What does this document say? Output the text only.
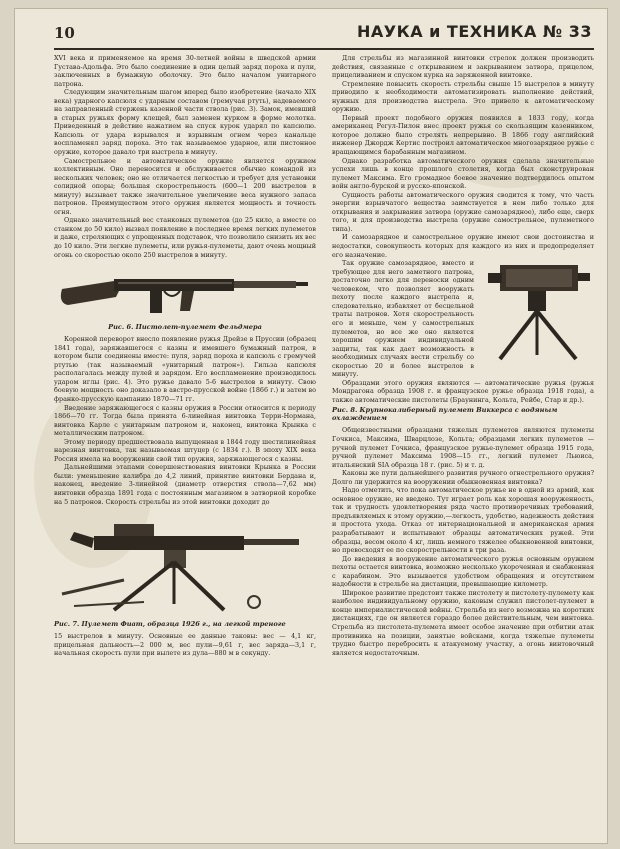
10	НАУКА и ТЕХНИКА № 33

XVI века и применяемое на время 30-летней войны в шведской армии Густава-Адольфа. Это было соединение в один целый заряд пороха и пули, заключенных в бумажную оболочку. Это было началом унитарного патрона.

Следующим значительным шагом вперед было изобретение (начало XIX века) ударного капсюля с ударным составом (гремучая ртуть), надеваемого на заправленный стержень казенной части ствола (рис. 3). Замок, имевший в старых ружьях форму клещей, был заменен курком в форме молотка. Приведенный в действие нажатием на спуск курок ударял по капсюлю. Капсюль от удара взрывался и взрывным огнем через канальце воспламенял заряд пороха. Это так называемое ударное, или пистонное оружие, которое давало три выстрела в минуту.

Самострельное и автоматическое оружие является оружием коллективным. Оно переносится и обслуживается обычно командой из нескольких человек; оно не отличается легкостью и требует для установки солидной опоры; большая скорострельность (600—1 200 выстрелов в минуту) вызывает также значительное увеличение веса нужного запаса патронов. Преимуществом этого оружия является мощность и точность огня.

Однако значительный вес станковых пулеметов (до 25 кило, а вместе со станком до 50 кило) вызвал появление в последнее время легких пулеметов и даже, стреляющих с упрощенных подставок, что позволило снизить их вес до 10 кило. Эти легкие пулеметы, или ружья-пулеметы, дают очень мощный огонь со скоростью около 250 выстрелов в минуту.

Рис. 6. Пистолет-пулемет Фельдмера

Коренной переворот внесло появление ружья Дрейзе в Пруссии (образец 1841 года), заряжавшегося с казны и имевшего бумажный патрон, в котором были соединены вместе: пуля, заряд пороха и капсюль с гремучей ртутью (так называемый «унитарный патрон»). Гильза капсюля располагалась между пулей и зарядом. Его воспламенение производилось ударом иглы (рис. 4). Это ружье давало 5-6 выстрелов в минуту. Свою боевую мощность оно доказало в австро-прусской войне (1866 г.) и затем во франко-прусскую кампанию 1870—71 гг.

Введение заряжающегося с казны оружия в России относится к периоду 1866—70 гг. Тогда была принята 6-линейная винтовка Терри-Нормана, винтовка Карле с унитарным патроном и, наконец, винтовка Крынка с металлическим патроном.

Этому периоду предшествовала выпущенная в 1844 году шестилинейная нарезная винтовка, так называемая штуцер (с 1834 г.). В эпоху XIX века Россия имела на вооружении свой тип оружия, заряжающегося с казны.

Дальнейшими этапами совершенствования винтовки Крынка в России были: уменьшение калибра до 4,2 линий, принятие винтовки Бердана и, наконец, введение 3-линейной (диаметр отверстия ствола—7,62 мм) винтовки образца 1891 года с постоянным магазином в затворной коробке на 5 патронов. Скорость стрельбы из этой винтовки доходит до

Рис. 7. Пулемет Фиат, образца 1926 г., на легкой треноге

15 выстрелов в минуту. Основные ее данные таковы: вес — 4,1 кг, прицельная дальность—2 000 м, вес пули—9,61 г, вес заряда—3,1 г, начальная скорость пули при вылете из дула—880 м в секунду.

Для стрельбы из магазинной винтовки стрелок должен производить действия, связанные с открыванием и закрыванием затвора, прицелом, прицеливанием и спуском курка на заряженной винтовке.

Стремление повысить скорость стрельбы свыше 15 выстрелов в минуту приводило к необходимости автоматизировать выполнение действий, нужных для производства выстрела. Это привело к автоматическому оружию.

Первый проект подобного оружия появился в 1833 году, когда американец Регул-Пилон внес проект ружья со скользящим казенником, которое должно было стрелять непрерывно. В 1866 году английский инженер Джордж Кертис построил автоматическое многозарядное ружье с вращающимся барабанным магазином.

Однако разработка автоматического оружия сделала значительные успехи лишь в конце прошлого столетия, когда был сконструирован пулемет Максима. Его громадное боевое значение подтвердилось опытом войн англо-бурской и русско-японской.

Сущность работы автоматического оружия сводится к тому, что часть энергии взрывчатого вещества заимствуется в нем либо только для открывания и закрывания затвора (оружие самозарядное), либо еще, сверх того, и для производства выстрела (оружие самострельное, пулеметного типа).

И самозарядное и самострельное оружие имеют свои достоинства и недостатки, совокупность которых для каждого из них и предопределяет его назначение.

Так оружие самозарядное, вместо и требующее для него заметного патрона, достаточно легко для переноски одним человеком, что позволяет вооружать пехоту после каждого выстрела и, следовательно, избавляет от бесцельной траты патронов. Хотя скорострельность его и меньше, чем у самострельных пулеметов, но все же оно является хорошим оружием индивидуальной защиты, так как дает возможность в необходимых случаях вести стрельбу со скоростью 20 и более выстрелов в минуту.

Образцами этого оружия являются — автоматические ружья (ружья Мондрагона образца 1908 г. и французское ружье образца 1918 года), а также автоматические пистолеты (Браунинга, Кольта, Рейбе, Стар и др.).

Рис. 8. Крупнокалиберный пулемет Виккерса с водяным охлаждением

Общеизвестными образцами тяжелых пулеметов являются пулеметы Гочкиса, Максима, Шварцлозе, Кольта; образцами легких пулеметов — ручной пулемет Гочкиса, французское ружье-пулемет образца 1915 года, ручной пулемет Максима 1908—15 гг., легкий пулемет Льюиса, итальянский SIA образца 18 г. (рис. 5) и т. д.

Каковы же пути дальнейшего развития ручного огнестрельного оружия? Долго ли удержится на вооружении обыкновенная винтовка?

Надо отметить, что пока автоматическое ружье не в одной из армий, как основное оружие, не введено. Тут играет роль как хорошая вооруженность, так и трудность удовлетворения ряда часто противоречивых требований, предъявляемых к этому оружию,—легкость, удобство, надежность действия и простота ухода. Отказ от интернациональной и американская армия разрабатывают и испытывают образцы автоматических ружей. Эти образцы, весом около 4 кг, лишь немного тяжелее обыкновенной винтовки, но превосходят ее по скорострельности в три раза.

До введения в вооружение автоматического ружья основным оружием пехоты остается винтовка, возможно несколько укороченная и снабженная с карабином. Это вызывается удобством обращения и отсутствием надобности в стрельбе на дистанции, превышающие километр.

Широкое развитие предстоит также пистолету и пистолету-пулемету как наиболее индивидуальному оружию, каковым служил пистолет-пулемет в конце империалистической войны. Стрельба из него возможна на коротких дистанциях, где он является гораздо более действительным, чем винтовка. Стрельба из пистолета-пулемета имеет особое значение при отбитии атак противника на позиции, занятые войсками, когда тяжелые пулеметы трудно быстро перебросить к атакуемому участку, а огонь винтовочный является недостаточным.
